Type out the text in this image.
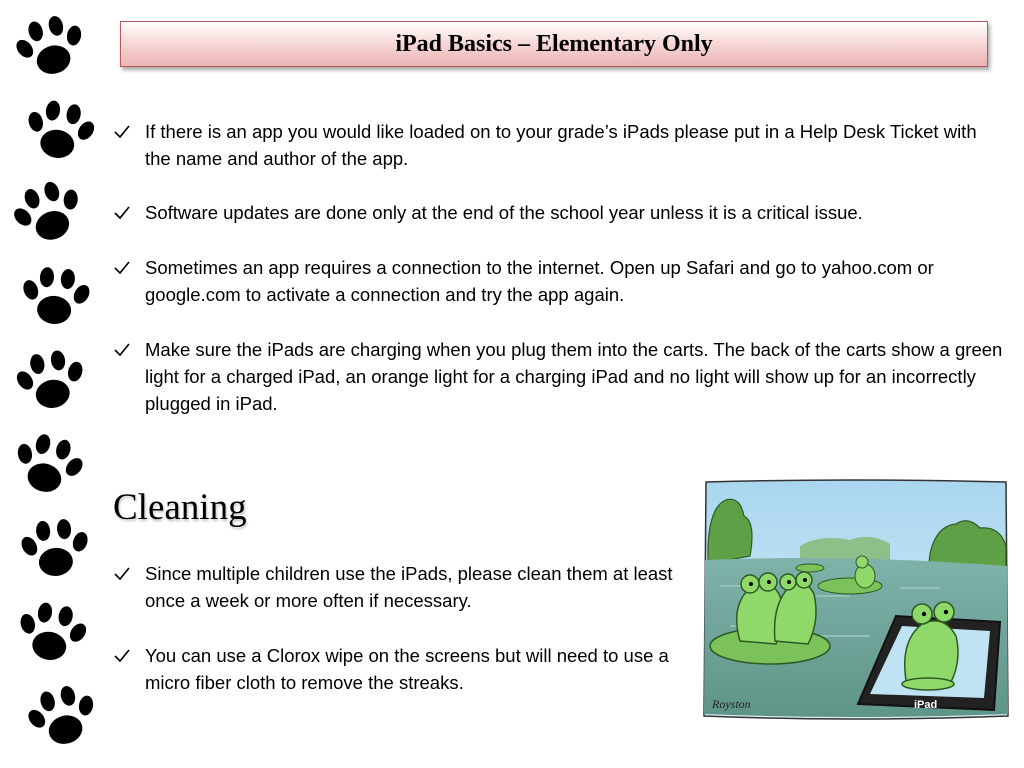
iPad Basics – Elementary Only
If there is an app you would like loaded on to your grade’s iPads please put in a Help Desk Ticket with the name and author of the app.
Software updates are done only at the end of the school year unless it is a critical issue.
Sometimes an app requires a connection to the internet. Open up Safari and go to yahoo.com or google.com to activate a connection and try the app again.
Make sure the iPads are charging when you plug them into the carts. The back of the carts show a green light for a charged iPad, an orange light for a charging iPad and no light will show up for an incorrectly plugged in iPad.
Cleaning
Since multiple children use the iPads, please clean them at least once a week or more often if necessary.
You can use a Clorox wipe on the screens but will need to use a micro fiber cloth to remove the streaks.
iPad
Royston
